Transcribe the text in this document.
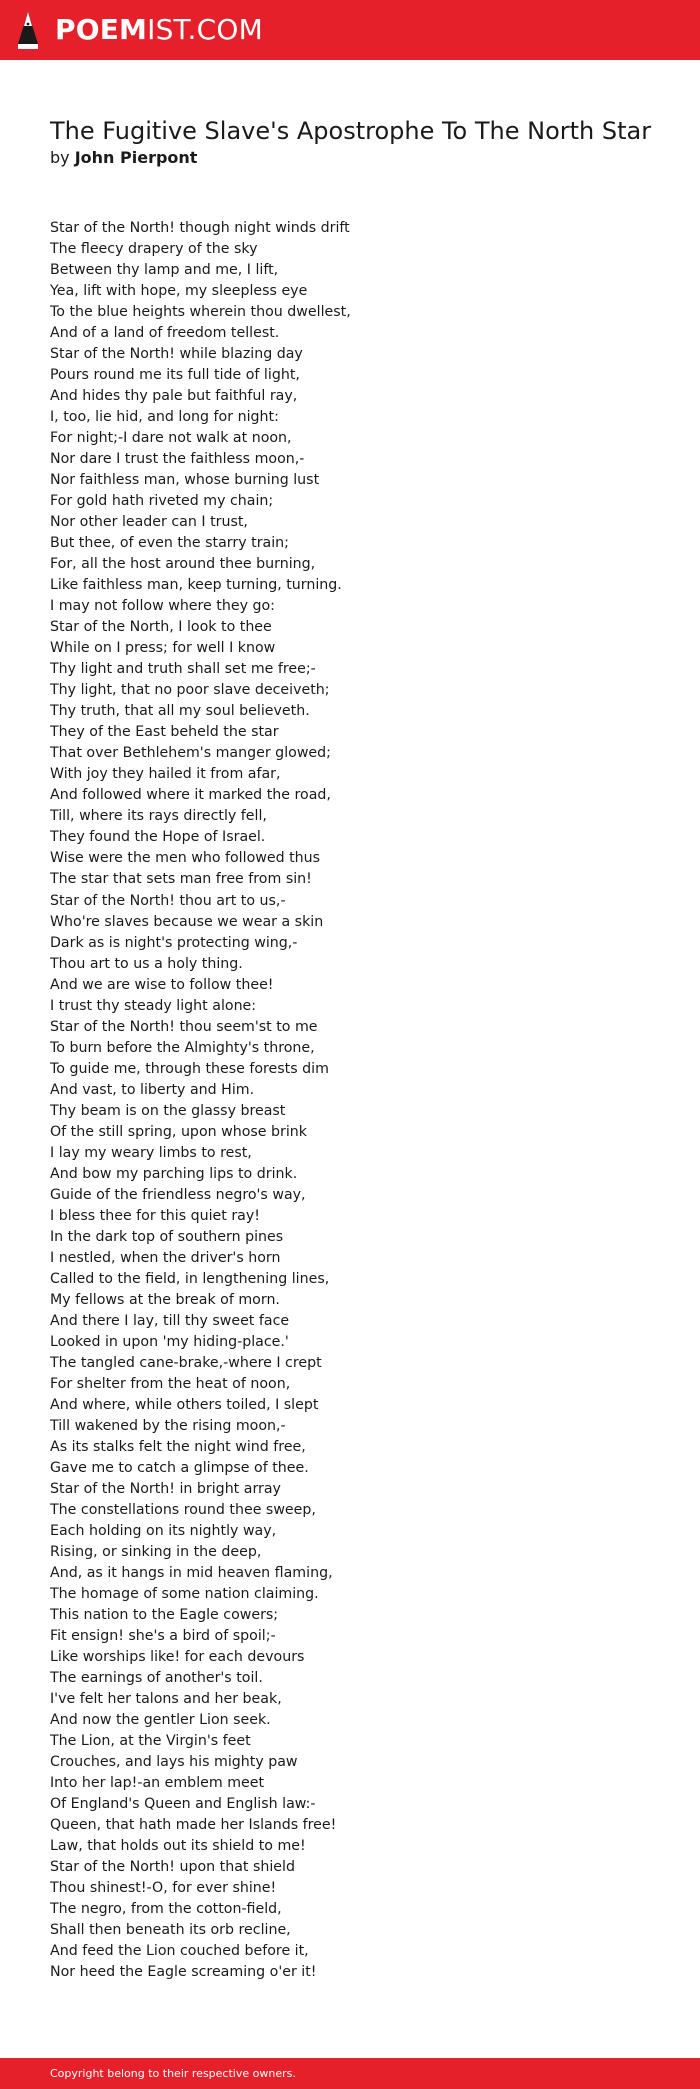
POEMIST.COM
The Fugitive Slave's Apostrophe To The North Star
by John Pierpont
Star of the North! though night winds drift
The fleecy drapery of the sky
Between thy lamp and me, I lift,
Yea, lift with hope, my sleepless eye
To the blue heights wherein thou dwellest,
And of a land of freedom tellest.
Star of the North! while blazing day
Pours round me its full tide of light,
And hides thy pale but faithful ray,
I, too, lie hid, and long for night:
For night;-I dare not walk at noon,
Nor dare I trust the faithless moon,-
Nor faithless man, whose burning lust
For gold hath riveted my chain;
Nor other leader can I trust,
But thee, of even the starry train;
For, all the host around thee burning,
Like faithless man, keep turning, turning.
I may not follow where they go:
Star of the North, I look to thee
While on I press; for well I know
Thy light and truth shall set me free;-
Thy light, that no poor slave deceiveth;
Thy truth, that all my soul believeth.
They of the East beheld the star
That over Bethlehem's manger glowed;
With joy they hailed it from afar,
And followed where it marked the road,
Till, where its rays directly fell,
They found the Hope of Israel.
Wise were the men who followed thus
The star that sets man free from sin!
Star of the North! thou art to us,-
Who're slaves because we wear a skin
Dark as is night's protecting wing,-
Thou art to us a holy thing.
And we are wise to follow thee!
I trust thy steady light alone:
Star of the North! thou seem'st to me
To burn before the Almighty's throne,
To guide me, through these forests dim
And vast, to liberty and Him.
Thy beam is on the glassy breast
Of the still spring, upon whose brink
I lay my weary limbs to rest,
And bow my parching lips to drink.
Guide of the friendless negro's way,
I bless thee for this quiet ray!
In the dark top of southern pines
I nestled, when the driver's horn
Called to the field, in lengthening lines,
My fellows at the break of morn.
And there I lay, till thy sweet face
Looked in upon 'my hiding-place.'
The tangled cane-brake,-where I crept
For shelter from the heat of noon,
And where, while others toiled, I slept
Till wakened by the rising moon,-
As its stalks felt the night wind free,
Gave me to catch a glimpse of thee.
Star of the North! in bright array
The constellations round thee sweep,
Each holding on its nightly way,
Rising, or sinking in the deep,
And, as it hangs in mid heaven flaming,
The homage of some nation claiming.
This nation to the Eagle cowers;
Fit ensign! she's a bird of spoil;-
Like worships like! for each devours
The earnings of another's toil.
I've felt her talons and her beak,
And now the gentler Lion seek.
The Lion, at the Virgin's feet
Crouches, and lays his mighty paw
Into her lap!-an emblem meet
Of England's Queen and English law:-
Queen, that hath made her Islands free!
Law, that holds out its shield to me!
Star of the North! upon that shield
Thou shinest!-O, for ever shine!
The negro, from the cotton-field,
Shall then beneath its orb recline,
And feed the Lion couched before it,
Nor heed the Eagle screaming o'er it!
Copyright belong to their respective owners.
